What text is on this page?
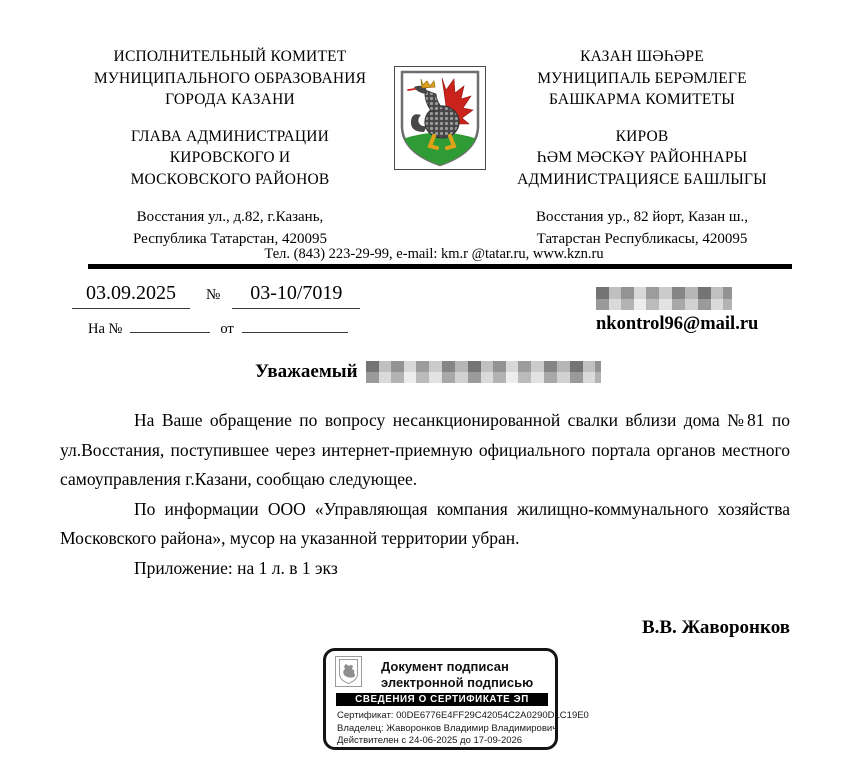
ИСПОЛНИТЕЛЬНЫЙ КОМИТЕТ
МУНИЦИПАЛЬНОГО ОБРАЗОВАНИЯ
ГОРОДА КАЗАНИ
ГЛАВА АДМИНИСТРАЦИИ
КИРОВСКОГО И
МОСКОВСКОГО РАЙОНОВ
Восстания ул., д.82, г.Казань,
Республика Татарстан, 420095
КАЗАН ШӘҺӘРЕ
МУНИЦИПАЛЬ БЕРӘМЛЕГЕ
БАШКАРМА КОМИТЕТЫ
КИРОВ
ҺӘМ МӘСКӘҮ РАЙОННАРЫ
АДМИНИСТРАЦИЯСЕ БАШЛЫГЫ
Восстания ур., 82 йорт, Казан ш.,
Татарстан Республикасы, 420095
Тел. (843) 223-29-99, e-mail: km.r @tatar.ru, www.kzn.ru
03.09.2025	№	03-10/7019
На №	от	nkontrol96@mail.ru
Уважаемый

На Ваше обращение по вопросу несанкционированной свалки вблизи дома №81 по ул.Восстания, поступившее через интернет-приемную официального портала органов местного самоуправления г.Казани, сообщаю следующее.

По информации ООО «Управляющая компания жилищно-коммунального хозяйства Московского района», мусор на указанной территории убран.

Приложение: на 1 л. в 1 экз

В.В. Жаворонков
Документ подписан
электронной подписью
СВЕДЕНИЯ О СЕРТИФИКАТЕ ЭП
Сертификат: 00DE6776E4FF29C42054C2A0290D1C19E0
Владелец: Жаворонков Владимир Владимирович
Действителен с 24-06-2025 до 17-09-2026
